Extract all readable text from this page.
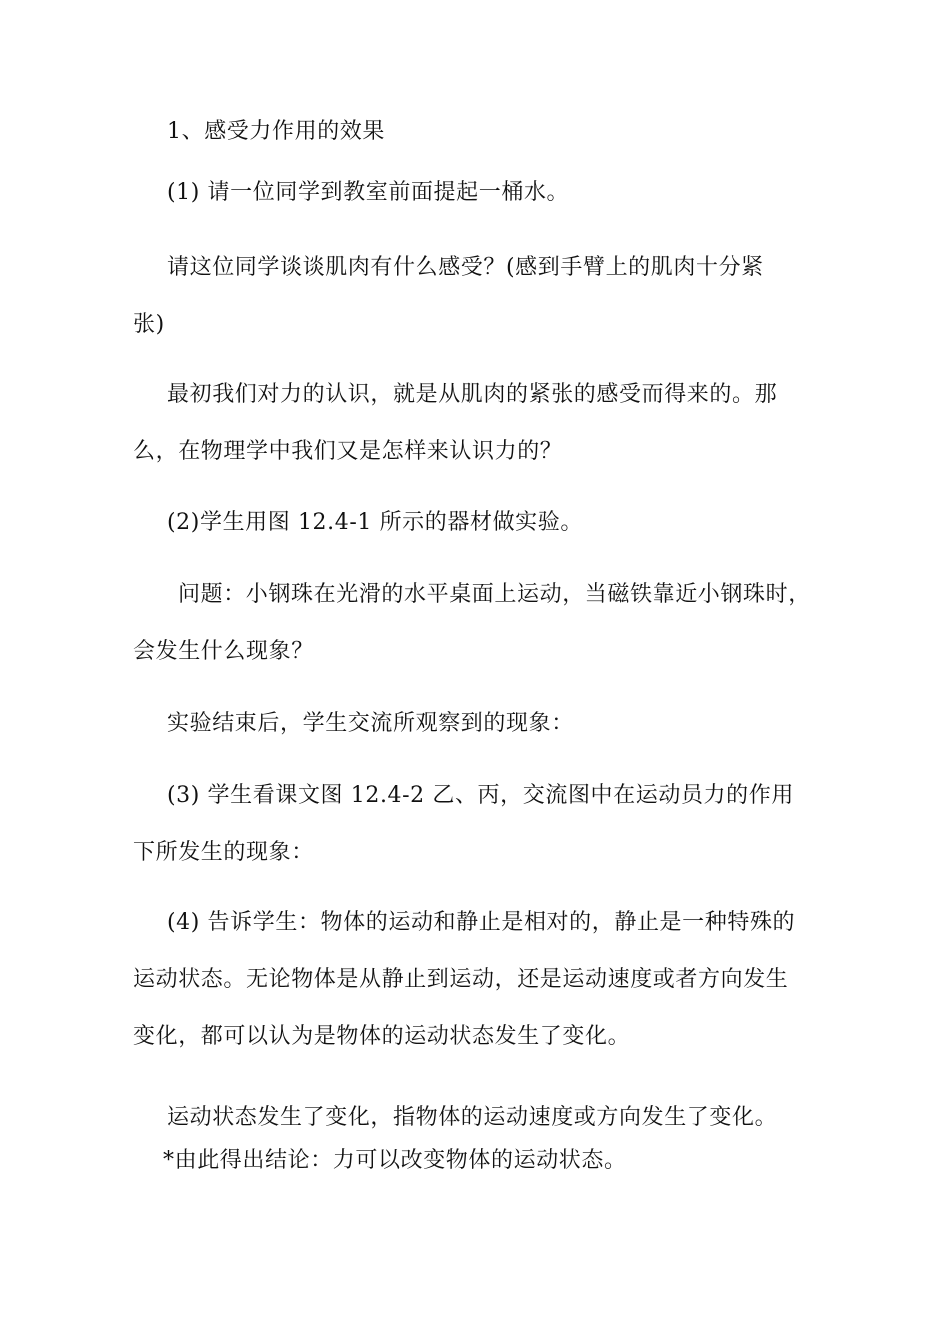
1、感受力作用的效果
(1) 请一位同学到教室前面提起一桶水。
请这位同学谈谈肌肉有什么感受？(感到手臂上的肌肉十分紧
张)
最初我们对力的认识，就是从肌肉的紧张的感受而得来的。那
么，在物理学中我们又是怎样来认识力的？
(2)学生用图 12.4-1 所示的器材做实验。
问题：小钢珠在光滑的水平桌面上运动，当磁铁靠近小钢珠时，
会发生什么现象？
实验结束后，学生交流所观察到的现象：
(3) 学生看课文图 12.4-2 乙、丙，交流图中在运动员力的作用
下所发生的现象：
(4) 告诉学生：物体的运动和静止是相对的，静止是一种特殊的
运动状态。无论物体是从静止到运动，还是运动速度或者方向发生
变化，都可以认为是物体的运动状态发生了变化。
运动状态发生了变化，指物体的运动速度或方向发生了变化。
*由此得出结论：力可以改变物体的运动状态。
